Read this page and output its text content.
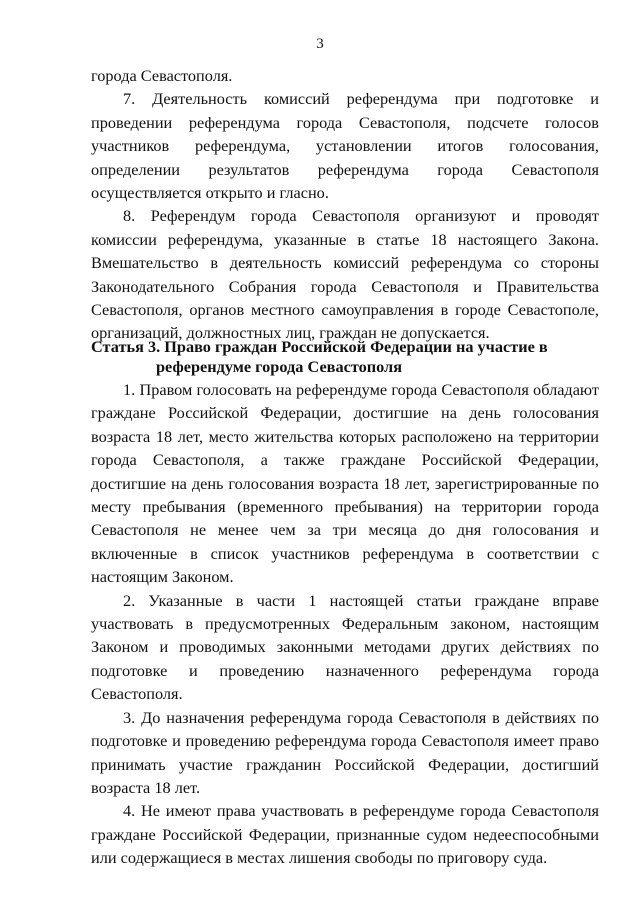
3

города Севастополя.

7. Деятельность комиссий референдума при подготовке и проведении референдума города Севастополя, подсчете голосов участников референдума, установлении итогов голосования, определении результатов референдума города Севастополя осуществляется открыто и гласно.

8. Референдум города Севастополя организуют и проводят комиссии референдума, указанные в статье 18 настоящего Закона. Вмешательство в деятельность комиссий референдума со стороны Законодательного Собрания города Севастополя и Правительства Севастополя, органов местного самоуправления в городе Севастополе, организаций, должностных лиц, граждан не допускается.

Статья 3. Право граждан Российской Федерации на участие в
референдуме города Севастополя

1. Правом голосовать на референдуме города Севастополя обладают граждане Российской Федерации, достигшие на день голосования возраста 18 лет, место жительства которых расположено на территории города Севастополя, а также граждане Российской Федерации, достигшие на день голосования возраста 18 лет, зарегистрированные по месту пребывания (временного пребывания) на территории города Севастополя не менее чем за три месяца до дня голосования и включенные в список участников референдума в соответствии с настоящим Законом.

2. Указанные в части 1 настоящей статьи граждане вправе участвовать в предусмотренных Федеральным законом, настоящим Законом и проводимых законными методами других действиях по подготовке и проведению назначенного референдума города Севастополя.

3. До назначения референдума города Севастополя в действиях по подготовке и проведению референдума города Севастополя имеет право принимать участие гражданин Российской Федерации, достигший возраста 18 лет.

4. Не имеют права участвовать в референдуме города Севастополя граждане Российской Федерации, признанные судом недееспособными или содержащиеся в местах лишения свободы по приговору суда.
